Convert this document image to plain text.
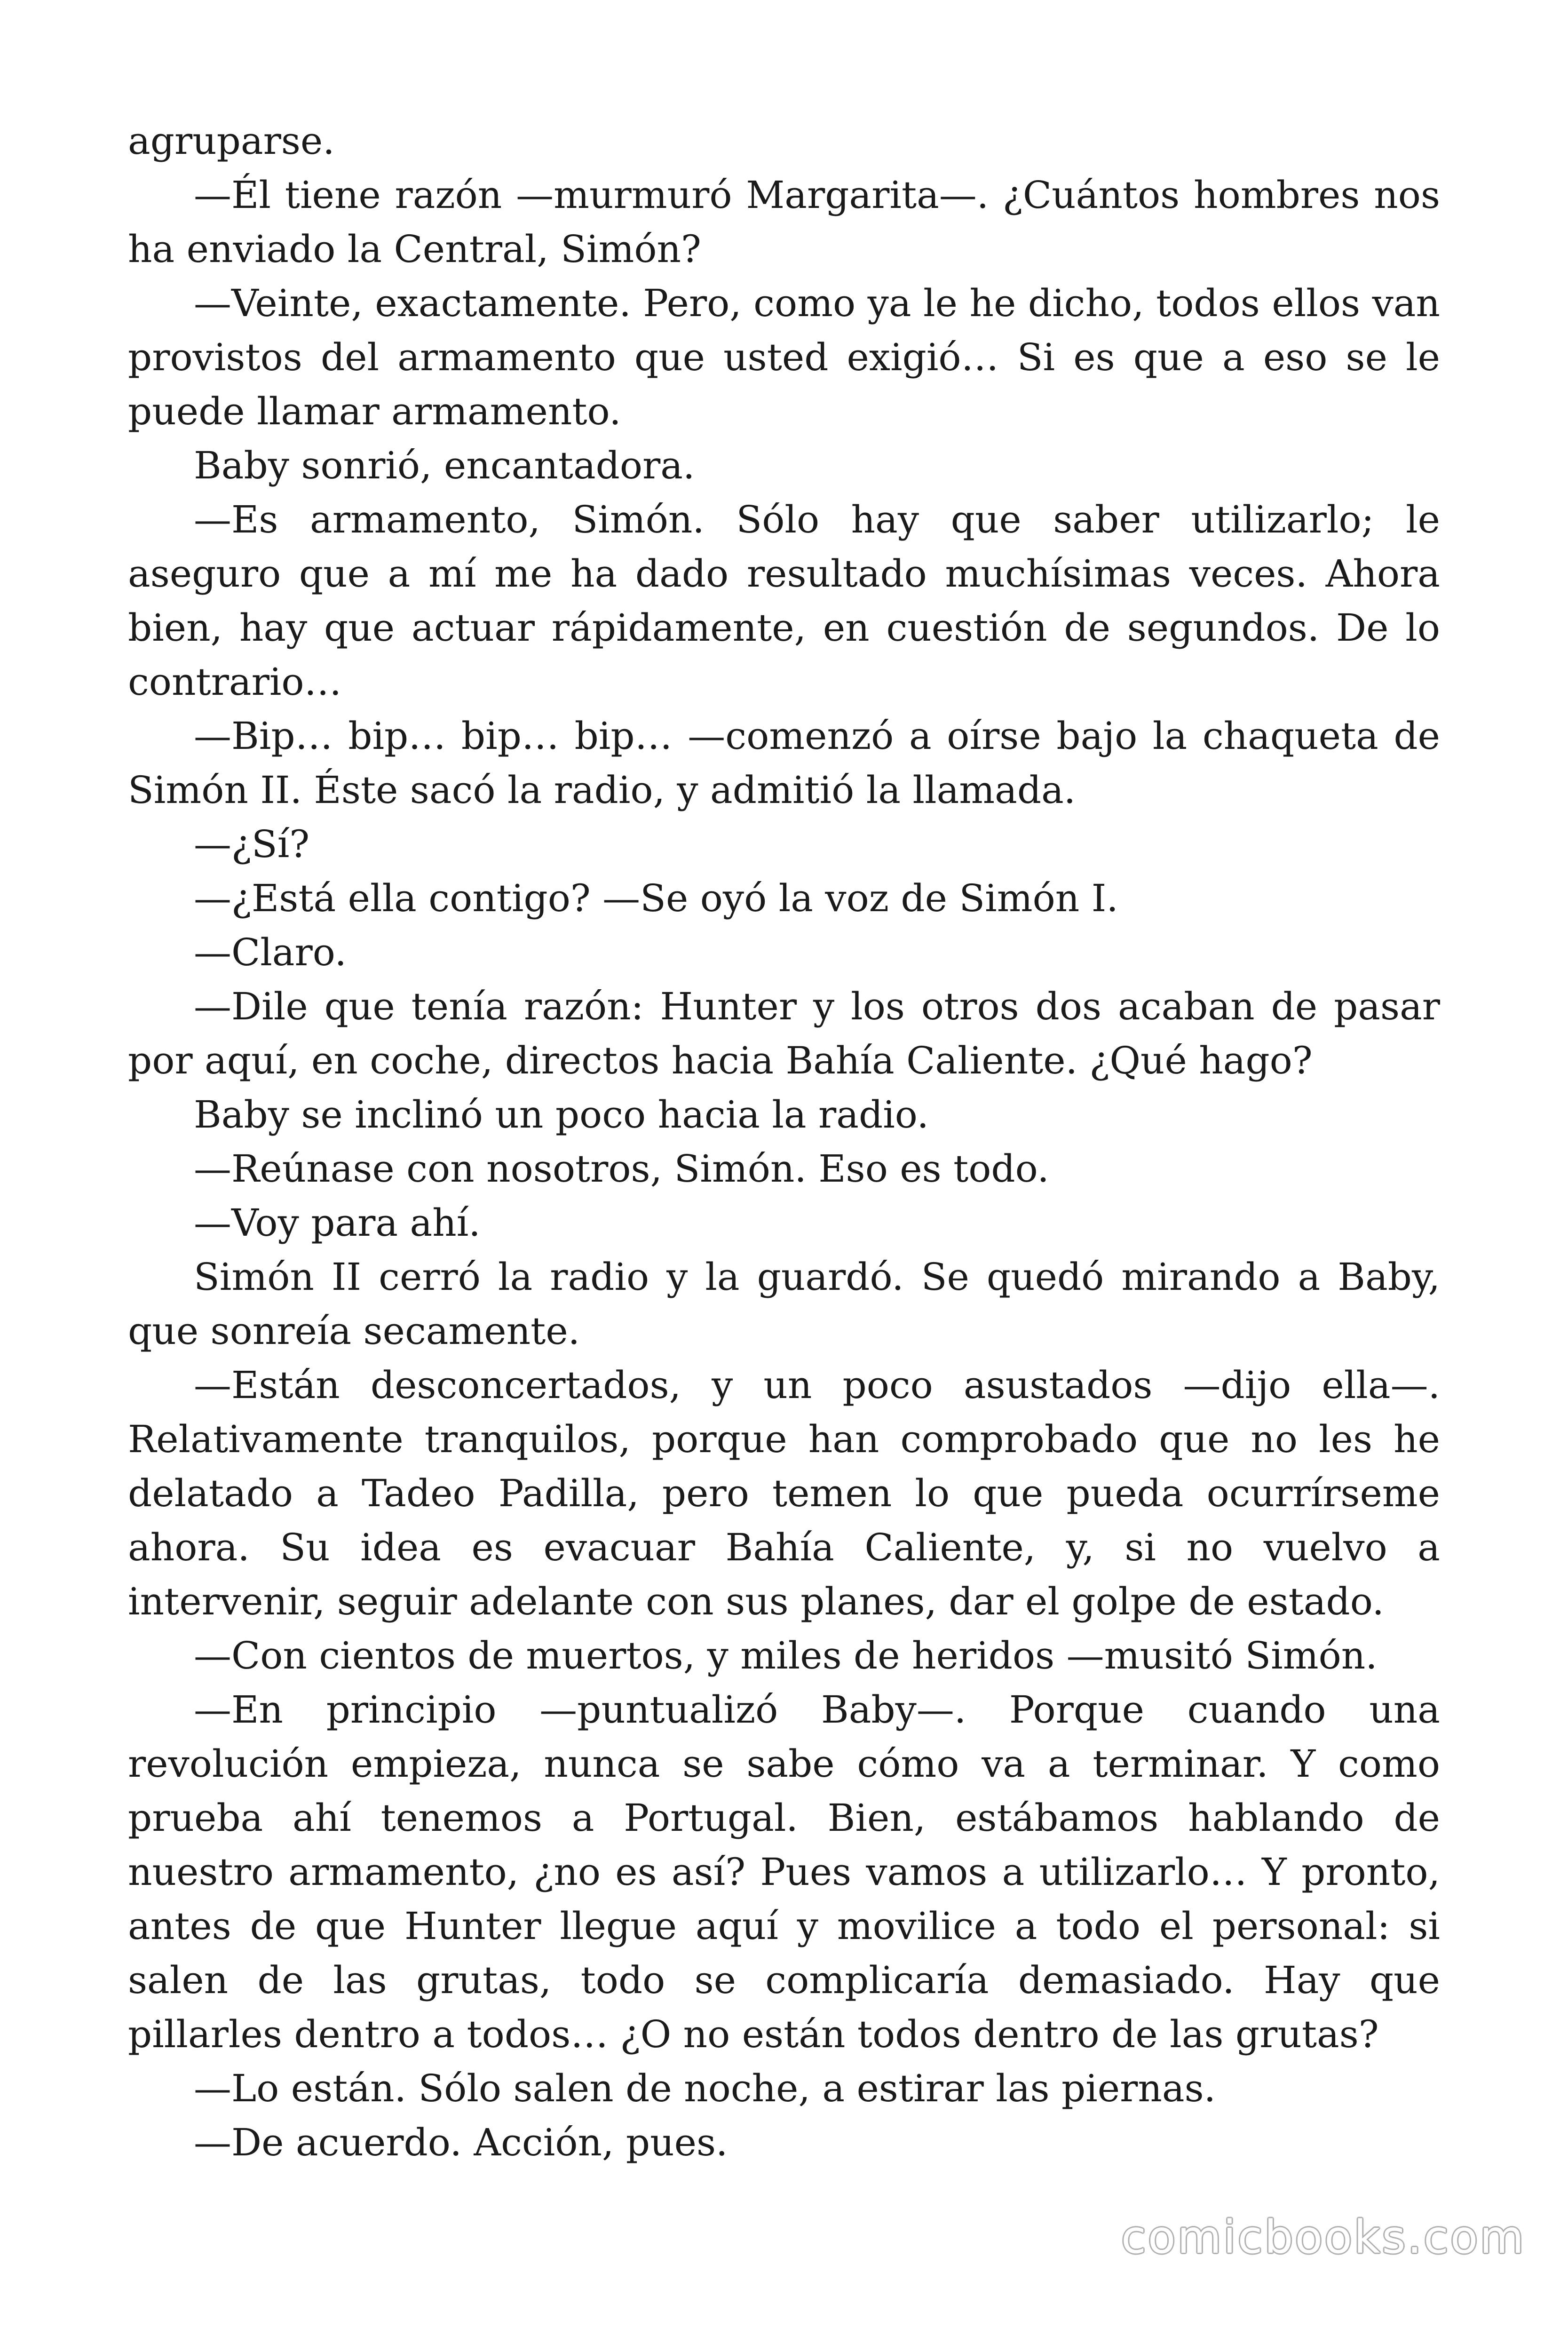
agruparse.

—Él tiene razón —murmuró Margarita—. ¿Cuántos hombres nos ha enviado la Central, Simón?

—Veinte, exactamente. Pero, como ya le he dicho, todos ellos van provistos del armamento que usted exigió… Si es que a eso se le puede llamar armamento.

Baby sonrió, encantadora.

—Es armamento, Simón. Sólo hay que saber utilizarlo; le aseguro que a mí me ha dado resultado muchísimas veces. Ahora bien, hay que actuar rápidamente, en cuestión de segundos. De lo contrario…

—Bip… bip… bip… bip… —comenzó a oírse bajo la chaqueta de Simón II. Éste sacó la radio, y admitió la llamada.

—¿Sí?

—¿Está ella contigo? —Se oyó la voz de Simón I.

—Claro.

—Dile que tenía razón: Hunter y los otros dos acaban de pasar por aquí, en coche, directos hacia Bahía Caliente. ¿Qué hago?

Baby se inclinó un poco hacia la radio.

—Reúnase con nosotros, Simón. Eso es todo.

—Voy para ahí.

Simón II cerró la radio y la guardó. Se quedó mirando a Baby, que sonreía secamente.

—Están desconcertados, y un poco asustados —dijo ella—. Relativamente tranquilos, porque han comprobado que no les he delatado a Tadeo Padilla, pero temen lo que pueda ocurrírseme ahora. Su idea es evacuar Bahía Caliente, y, si no vuelvo a intervenir, seguir adelante con sus planes, dar el golpe de estado.

—Con cientos de muertos, y miles de heridos —musitó Simón.

—En principio —puntualizó Baby—. Porque cuando una revolución empieza, nunca se sabe cómo va a terminar. Y como prueba ahí tenemos a Portugal. Bien, estábamos hablando de nuestro armamento, ¿no es así? Pues vamos a utilizarlo… Y pronto, antes de que Hunter llegue aquí y movilice a todo el personal: si salen de las grutas, todo se complicaría demasiado. Hay que pillarles dentro a todos… ¿O no están todos dentro de las grutas?

—Lo están. Sólo salen de noche, a estirar las piernas.

—De acuerdo. Acción, pues.

comicbooks.com
